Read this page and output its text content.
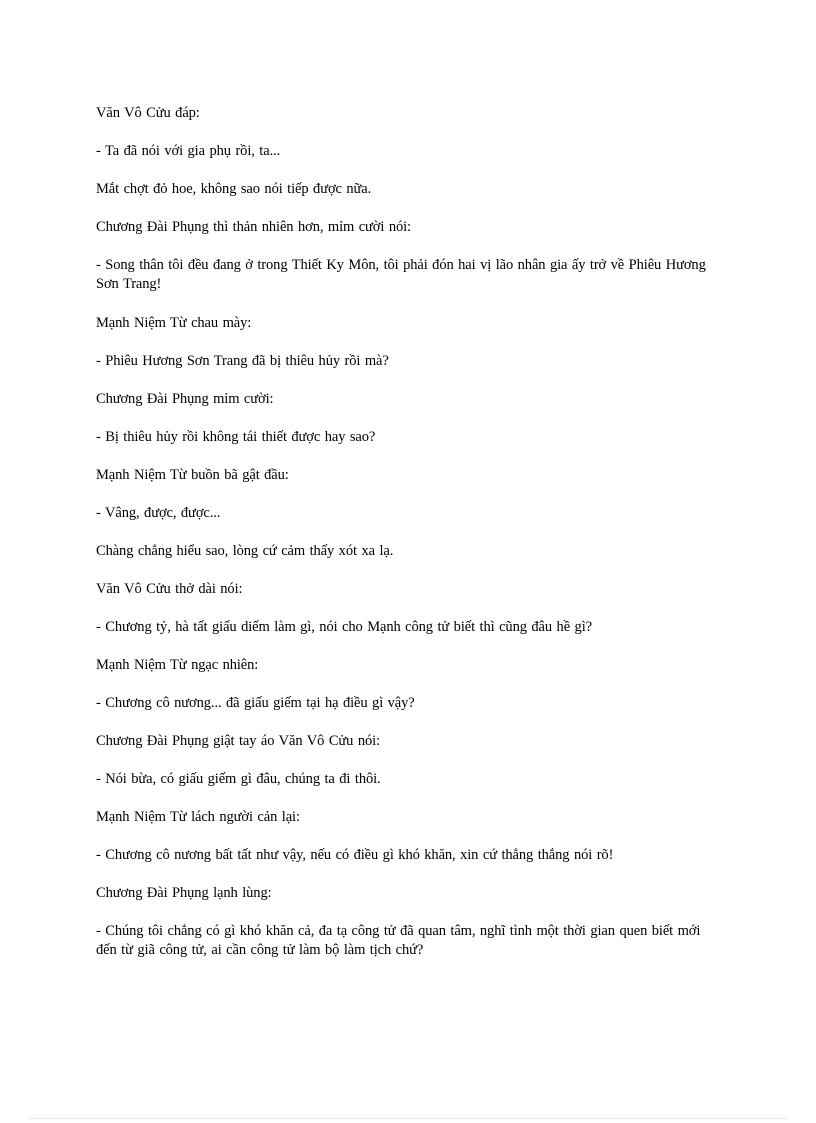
Văn Vô Cửu đáp:

- Ta đã nói với gia phụ rồi, ta...

Mắt chợt đỏ hoe, không sao nói tiếp được nữa.

Chương Đài Phụng thì thản nhiên hơn, mỉm cười nói:

- Song thân tôi đều đang ở trong Thiết Ky Môn, tôi phải đón hai vị lão nhân gia ấy trở về Phiêu Hương Sơn Trang!

Mạnh Niệm Từ chau mày:

- Phiêu Hương Sơn Trang đã bị thiêu hủy rồi mà?

Chương Đài Phụng mỉm cười:

- Bị thiêu hủy rồi không tái thiết được hay sao?

Mạnh Niệm Từ buồn bã gật đầu:

- Vâng, được, được...

Chàng chẳng hiểu sao, lòng cứ cảm thấy xót xa lạ.

Văn Vô Cửu thở dài nói:

- Chương tỷ, hà tất giấu diếm làm gì, nói cho Mạnh công tử biết thì cũng đâu hề gì?

Mạnh Niệm Từ ngạc nhiên:

- Chương cô nương... đã giấu giếm tại hạ điều gì vậy?

Chương Đài Phụng giật tay áo Văn Vô Cửu nói:

- Nói bừa, có giấu giếm gì đâu, chúng ta đi thôi.

Mạnh Niệm Từ lách người cản lại:

- Chương cô nương bất tất như vậy, nếu có điều gì khó khăn, xin cứ thẳng thắng nói rõ!

Chương Đài Phụng lạnh lùng:

- Chúng tôi chẳng có gì khó khăn cả, đa tạ công tử đã quan tâm, nghĩ tình một thời gian quen biết mới đến từ giã công tử, ai cần công tử làm bộ làm tịch chứ?
